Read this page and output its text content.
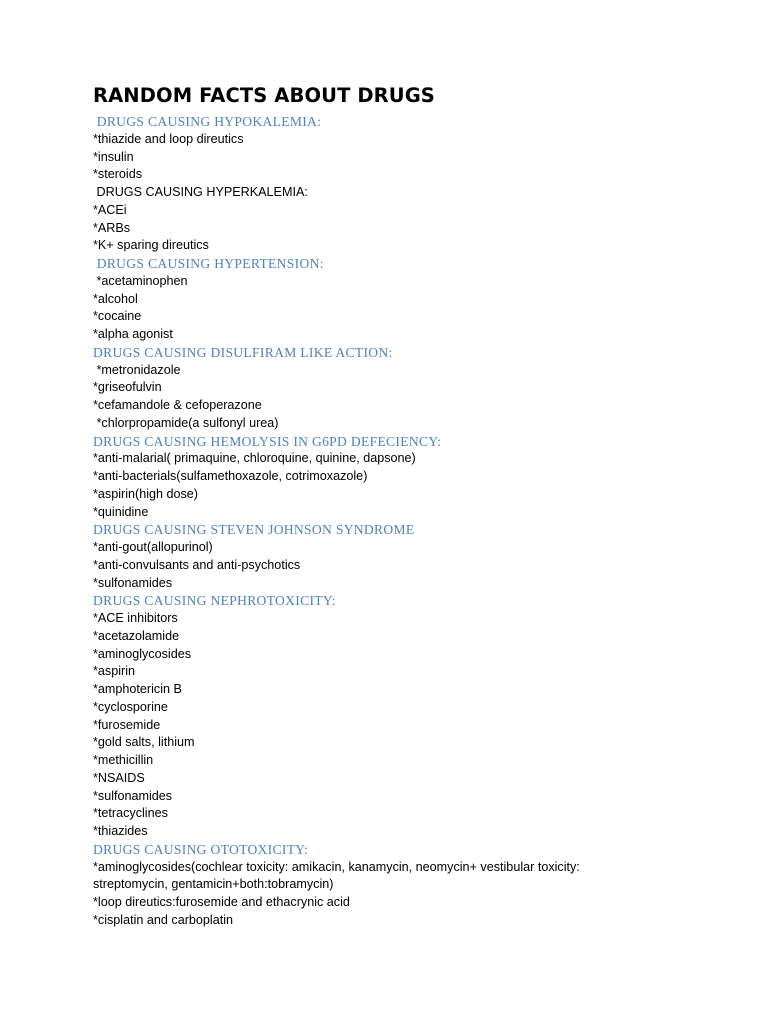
RANDOM FACTS ABOUT DRUGS
DRUGS CAUSING HYPOKALEMIA:
*thiazide and loop direutics
*insulin
*steroids
DRUGS CAUSING HYPERKALEMIA:
*ACEi
*ARBs
*K+ sparing direutics
DRUGS CAUSING HYPERTENSION:
*acetaminophen
*alcohol
*cocaine
*alpha agonist
DRUGS CAUSING DISULFIRAM LIKE ACTION:
*metronidazole
*griseofulvin
*cefamandole & cefoperazone
*chlorpropamide(a sulfonyl urea)
DRUGS CAUSING HEMOLYSIS IN G6PD DEFECIENCY:
*anti-malarial( primaquine, chloroquine, quinine, dapsone)
*anti-bacterials(sulfamethoxazole, cotrimoxazole)
*aspirin(high dose)
*quinidine
DRUGS CAUSING STEVEN JOHNSON SYNDROME
*anti-gout(allopurinol)
*anti-convulsants and anti-psychotics
*sulfonamides
DRUGS CAUSING NEPHROTOXICITY:
*ACE inhibitors
*acetazolamide
*aminoglycosides
*aspirin
*amphotericin B
*cyclosporine
*furosemide
*gold salts, lithium
*methicillin
*NSAIDS
*sulfonamides
*tetracyclines
*thiazides
DRUGS CAUSING OTOTOXICITY:
*aminoglycosides(cochlear toxicity: amikacin, kanamycin, neomycin+ vestibular toxicity:
streptomycin, gentamicin+both:tobramycin)
*loop direutics:furosemide and ethacrynic acid
*cisplatin and carboplatin
